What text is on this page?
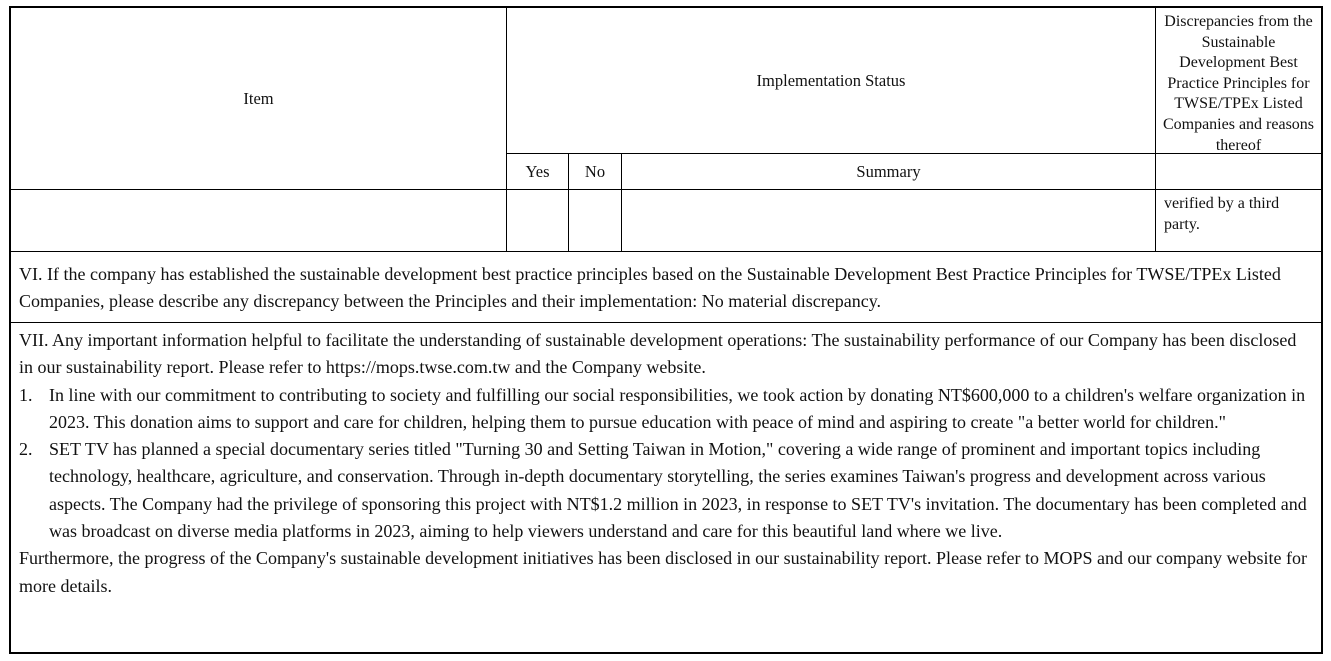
Item
Implementation Status
Discrepancies from the Sustainable Development Best Practice Principles for TWSE/TPEx Listed Companies and reasons thereof
Yes No	Summary
verified by a third party.
VI. If the company has established the sustainable development best practice principles based on the Sustainable Development Best Practice Principles for TWSE/TPEx Listed Companies, please describe any discrepancy between the Principles and their implementation: No material discrepancy.
VII. Any important information helpful to facilitate the understanding of sustainable development operations: The sustainability performance of our Company has been disclosed in our sustainability report. Please refer to https://mops.twse.com.tw and the Company website.
1. In line with our commitment to contributing to society and fulfilling our social responsibilities, we took action by donating NT$600,000 to a children's welfare organization in 2023. This donation aims to support and care for children, helping them to pursue education with peace of mind and aspiring to create "a better world for children."
2. SET TV has planned a special documentary series titled "Turning 30 and Setting Taiwan in Motion," covering a wide range of prominent and important topics including technology, healthcare, agriculture, and conservation. Through in-depth documentary storytelling, the series examines Taiwan's progress and development across various aspects. The Company had the privilege of sponsoring this project with NT$1.2 million in 2023, in response to SET TV's invitation. The documentary has been completed and was broadcast on diverse media platforms in 2023, aiming to help viewers understand and care for this beautiful land where we live.
Furthermore, the progress of the Company's sustainable development initiatives has been disclosed in our sustainability report. Please refer to MOPS and our company website for more details.
